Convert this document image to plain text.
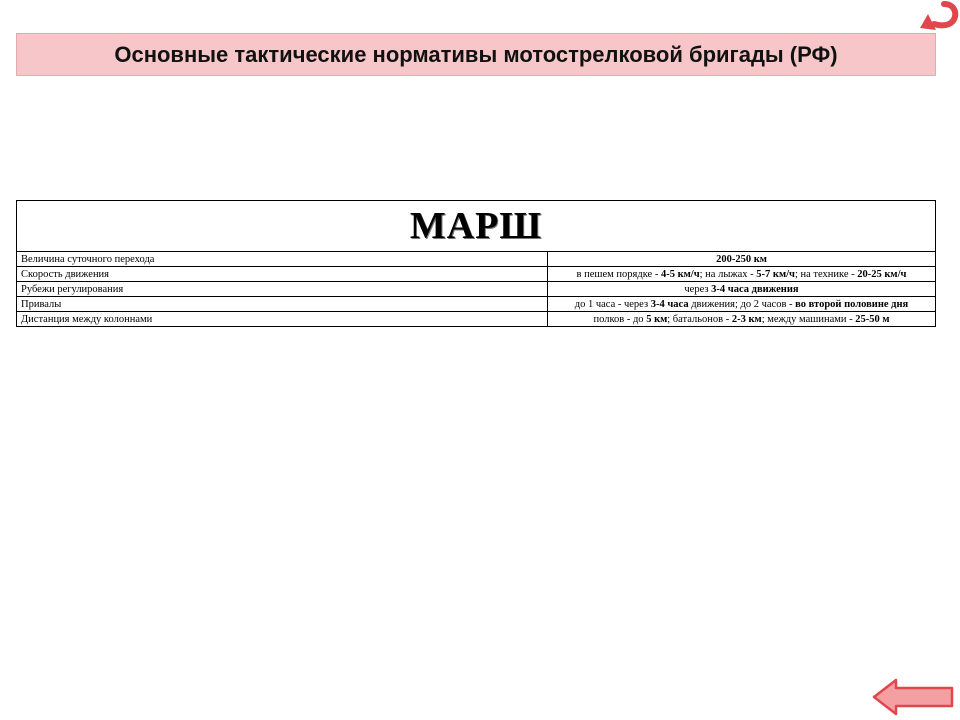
Основные тактические нормативы мотострелковой бригады (РФ)
МАРШ
Величина суточного перехода	200-250 км
Скорость движения	в пешем порядке - 4-5 км/ч; на лыжах - 5-7 км/ч; на технике - 20-25 км/ч
Рубежи регулирования	через 3-4 часа движения
Привалы	до 1 часа - через 3-4 часа движения; до 2 часов - во второй половине дня
Дистанция между колоннами	полков - до 5 км; батальонов - 2-3 км; между машинами - 25-50 м
